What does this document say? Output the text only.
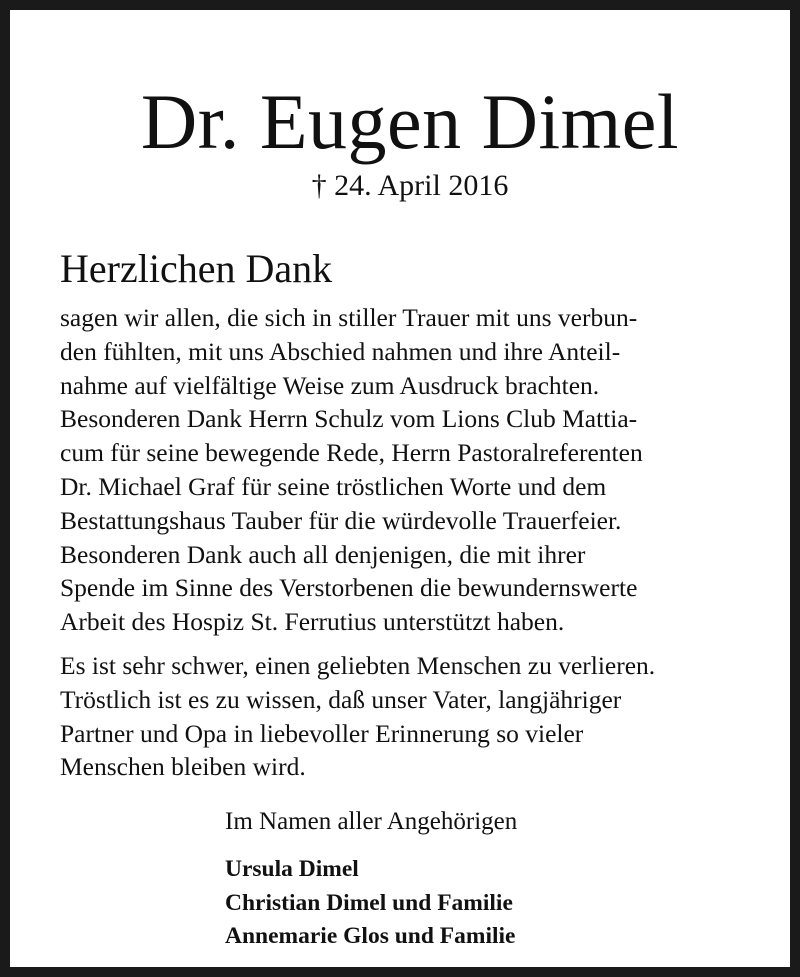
Dr. Eugen Dimel
† 24. April 2016
Herzlichen Dank
sagen wir allen, die sich in stiller Trauer mit uns verbun-
den fühlten, mit uns Abschied nahmen und ihre Anteil-
nahme auf vielfältige Weise zum Ausdruck brachten.
Besonderen Dank Herrn Schulz vom Lions Club Mattia-
cum für seine bewegende Rede, Herrn Pastoralreferenten
Dr. Michael Graf für seine tröstlichen Worte und dem
Bestattungshaus Tauber für die würdevolle Trauerfeier.
Besonderen Dank auch all denjenigen, die mit ihrer
Spende im Sinne des Verstorbenen die bewundernswerte
Arbeit des Hospiz St. Ferrutius unterstützt haben.
Es ist sehr schwer, einen geliebten Menschen zu verlieren.
Tröstlich ist es zu wissen, daß unser Vater, langjähriger
Partner und Opa in liebevoller Erinnerung so vieler
Menschen bleiben wird.
Im Namen aller Angehörigen
Ursula Dimel
Christian Dimel und Familie
Annemarie Glos und Familie
